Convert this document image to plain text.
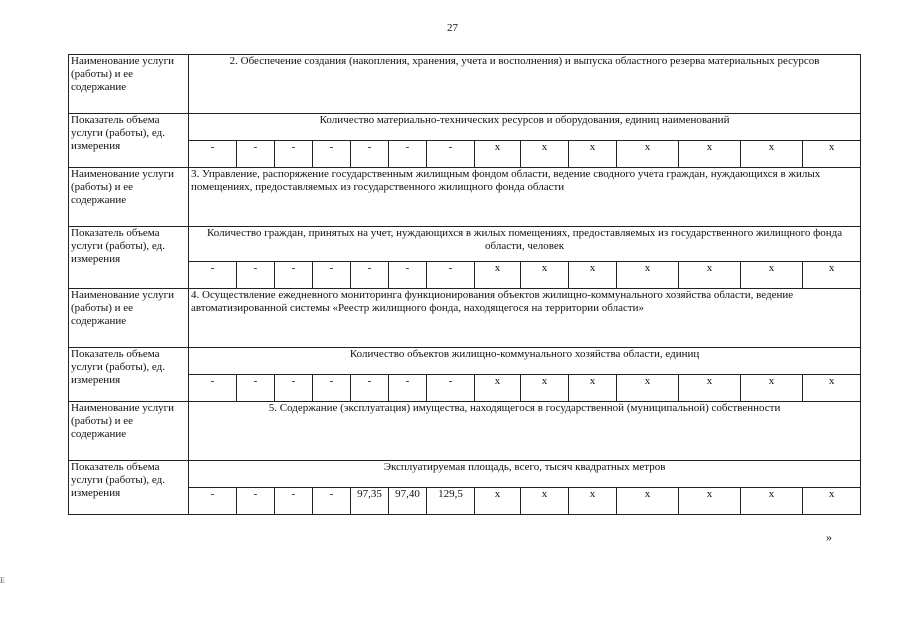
27
Наименование услуги (работы) и ее содержание	2. Обеспечение создания (накопления, хранения, учета и восполнения) и выпуска областного резерва материальных ресурсов													
Показатель объема услуги (работы), ед. измерения	Количество материально-технических ресурсов и оборудования, единиц наименований													
	-	-	-	-	-	-	-	x	x	x	x	x	x	x
Наименование услуги (работы) и ее содержание	3. Управление, распоряжение государственным жилищным фондом области, ведение сводного учета граждан, нуждающихся в жилых помещениях, предоставляемых из государственного жилищного фонда области													
Показатель объема услуги (работы), ед. измерения	Количество граждан, принятых на учет, нуждающихся в жилых помещениях, предоставляемых из государственного жилищного фонда области, человек													
	-	-	-	-	-	-	-	x	x	x	x	x	x	x
Наименование услуги (работы) и ее содержание	4. Осуществление ежедневного мониторинга функционирования объектов жилищно-коммунального хозяйства области, ведение автоматизированной системы «Реестр жилищного фонда, находящегося на территории области»													
Показатель объема услуги (работы), ед. измерения	Количество объектов жилищно-коммунального хозяйства области, единиц													
	-	-	-	-	-	-	-	x	x	x	x	x	x	x
Наименование услуги (работы) и ее содержание	5. Содержание (эксплуатация) имущества, находящегося в государственной (муниципальной) собственности													
Показатель объема услуги (работы), ед. измерения	Эксплуатируемая площадь, всего, тысяч квадратных метров													
	-	-	-	-	97,35	97,40	129,5	x	x	x	x	x	x	x
»
E
